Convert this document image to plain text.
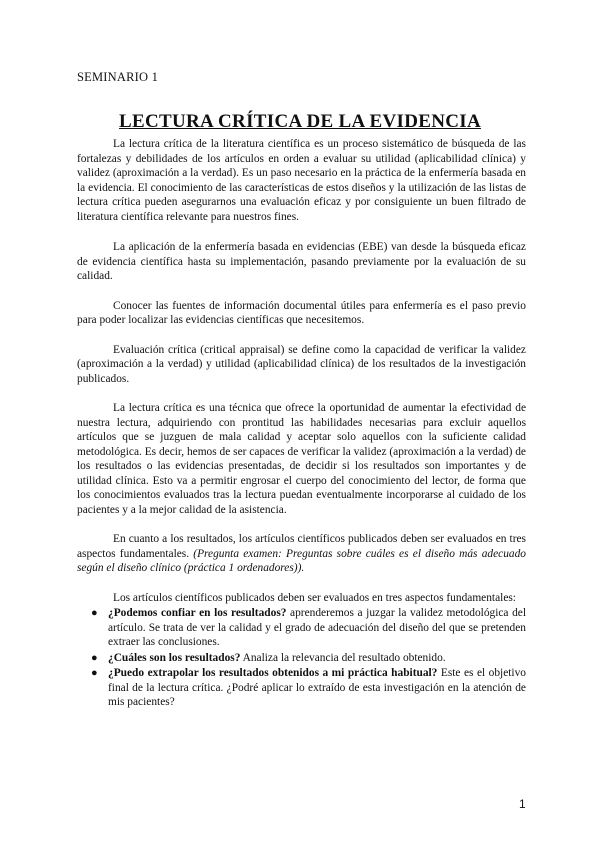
SEMINARIO 1
LECTURA CRÍTICA DE LA EVIDENCIA

La lectura crítica de la literatura científica es un proceso sistemático de búsqueda de las fortalezas y debilidades de los artículos en orden a evaluar su utilidad (aplicabilidad clínica) y validez (aproximación a la verdad). Es un paso necesario en la práctica de la enfermería basada en la evidencia. El conocimiento de las características de estos diseños y la utilización de las listas de lectura crítica pueden asegurarnos una evaluación eficaz y por consiguiente un buen filtrado de literatura científica relevante para nuestros fines.

La aplicación de la enfermería basada en evidencias (EBE) van desde la búsqueda eficaz de evidencia científica hasta su implementación, pasando previamente por la evaluación de su calidad.

Conocer las fuentes de información documental útiles para enfermería es el paso previo para poder localizar las evidencias científicas que necesitemos.

Evaluación crítica (critical appraisal) se define como la capacidad de verificar la validez (aproximación a la verdad) y utilidad (aplicabilidad clínica) de los resultados de la investigación publicados.

La lectura crítica es una técnica que ofrece la oportunidad de aumentar la efectividad de nuestra lectura, adquiriendo con prontitud las habilidades necesarias para excluir aquellos artículos que se juzguen de mala calidad y aceptar solo aquellos con la suficiente calidad metodológica. Es decir, hemos de ser capaces de verificar la validez (aproximación a la verdad) de los resultados o las evidencias presentadas, de decidir si los resultados son importantes y de utilidad clínica. Esto va a permitir engrosar el cuerpo del conocimiento del lector, de forma que los conocimientos evaluados tras la lectura puedan eventualmente incorporarse al cuidado de los pacientes y a la mejor calidad de la asistencia.

En cuanto a los resultados, los artículos científicos publicados deben ser evaluados en tres aspectos fundamentales. (Pregunta examen: Preguntas sobre cuáles es el diseño más adecuado según el diseño clínico (práctica 1 ordenadores)).

Los artículos científicos publicados deben ser evaluados en tres aspectos fundamentales:

● ¿Podemos confiar en los resultados? aprenderemos a juzgar la validez metodológica del artículo. Se trata de ver la calidad y el grado de adecuación del diseño del que se pretenden extraer las conclusiones.
● ¿Cuáles son los resultados? Analiza la relevancia del resultado obtenido.
● ¿Puedo extrapolar los resultados obtenidos a mi práctica habitual? Este es el objetivo final de la lectura crítica. ¿Podré aplicar lo extraído de esta investigación en la atención de mis pacientes?
1
